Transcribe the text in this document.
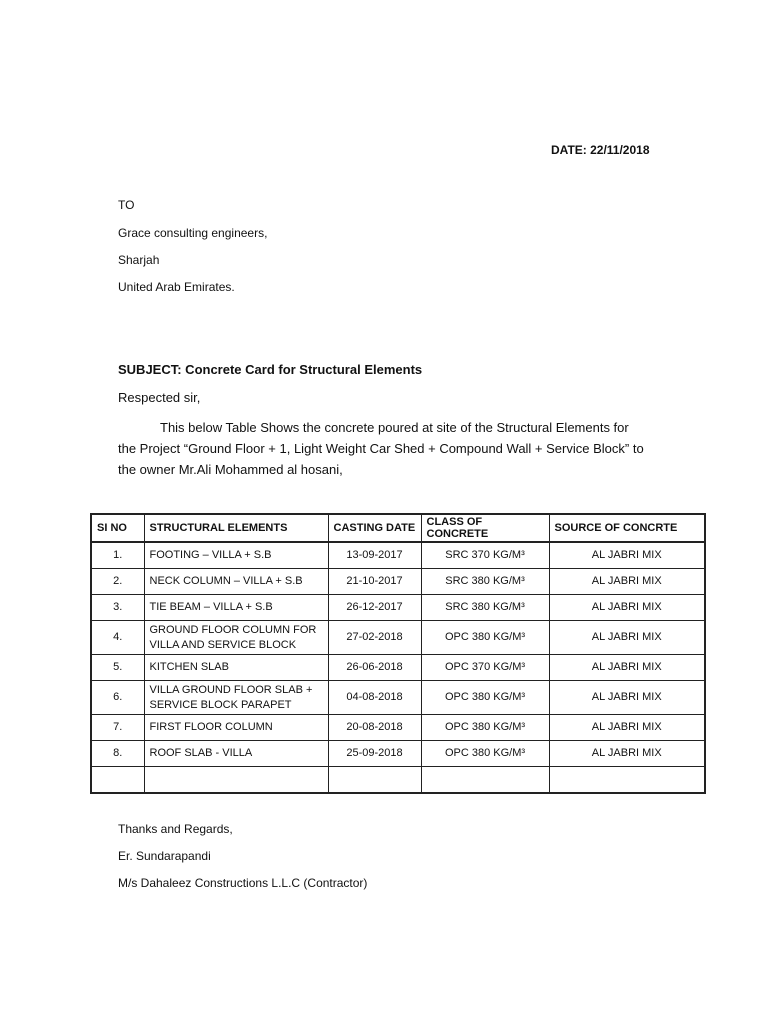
DATE: 22/11/2018
TO
Grace consulting engineers,
Sharjah
United Arab Emirates.
SUBJECT: Concrete Card for Structural Elements
Respected sir,
This below Table Shows the concrete poured at site of the Structural Elements for
the Project “Ground Floor + 1, Light Weight Car Shed + Compound Wall + Service Block” to
the owner Mr.Ali Mohammed al hosani,
SI NO	STRUCTURAL ELEMENTS	CASTING DATE	CLASS OF CONCRETE	SOURCE OF CONCRTE
1.	FOOTING – VILLA + S.B	13-09-2017	SRC 370 KG/M³	AL JABRI MIX
2.	NECK COLUMN – VILLA + S.B	21-10-2017	SRC 380 KG/M³	AL JABRI MIX
3.	TIE BEAM – VILLA + S.B	26-12-2017	SRC 380 KG/M³	AL JABRI MIX
4.	GROUND FLOOR COLUMN FOR
VILLA AND SERVICE BLOCK	27-02-2018	OPC 380 KG/M³	AL JABRI MIX
5.	KITCHEN SLAB	26-06-2018	OPC 370 KG/M³	AL JABRI MIX
6.	VILLA GROUND FLOOR SLAB +
SERVICE BLOCK PARAPET	04-08-2018	OPC 380 KG/M³	AL JABRI MIX
7.	FIRST FLOOR COLUMN	20-08-2018	OPC 380 KG/M³	AL JABRI MIX
8.	ROOF SLAB - VILLA	25-09-2018	OPC 380 KG/M³	AL JABRI MIX

Thanks and Regards,
Er. Sundarapandi
M/s Dahaleez Constructions L.L.C (Contractor)
